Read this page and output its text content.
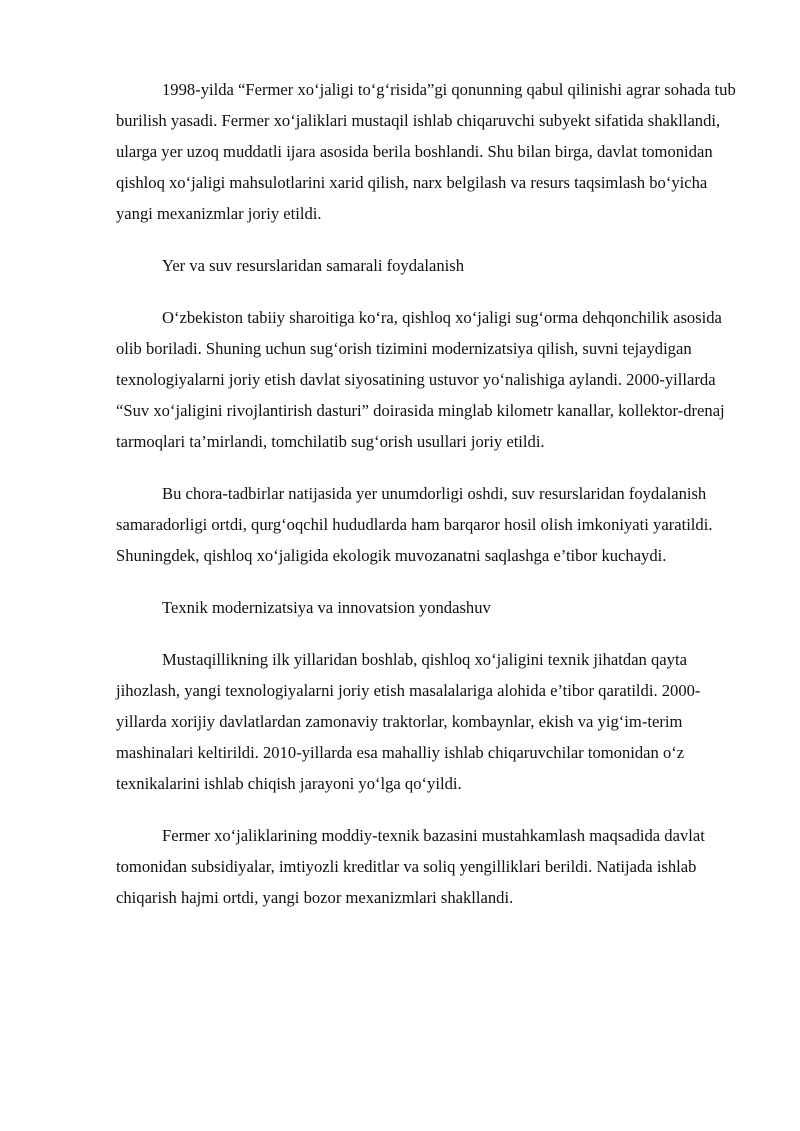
1998-yilda “Fermer xo‘jaligi to‘g‘risida”gi qonunning qabul qilinishi agrar sohada tub burilish yasadi. Fermer xo‘jaliklari mustaqil ishlab chiqaruvchi subyekt sifatida shakllandi, ularga yer uzoq muddatli ijara asosida berila boshlandi. Shu bilan birga, davlat tomonidan qishloq xo‘jaligi mahsulotlarini xarid qilish, narx belgilash va resurs taqsimlash bo‘yicha yangi mexanizmlar joriy etildi.

Yer va suv resurslaridan samarali foydalanish

O‘zbekiston tabiiy sharoitiga ko‘ra, qishloq xo‘jaligi sug‘orma dehqonchilik asosida olib boriladi. Shuning uchun sug‘orish tizimini modernizatsiya qilish, suvni tejaydigan texnologiyalarni joriy etish davlat siyosatining ustuvor yo‘nalishiga aylandi. 2000-yillarda “Suv xo‘jaligini rivojlantirish dasturi” doirasida minglab kilometr kanallar, kollektor-drenaj tarmoqlari ta’mirlandi, tomchilatib sug‘orish usullari joriy etildi.

Bu chora-tadbirlar natijasida yer unumdorligi oshdi, suv resurslaridan foydalanish samaradorligi ortdi, qurg‘oqchil hududlarda ham barqaror hosil olish imkoniyati yaratildi. Shuningdek, qishloq xo‘jaligida ekologik muvozanatni saqlashga e’tibor kuchaydi.

Texnik modernizatsiya va innovatsion yondashuv

Mustaqillikning ilk yillaridan boshlab, qishloq xo‘jaligini texnik jihatdan qayta jihozlash, yangi texnologiyalarni joriy etish masalalariga alohida e’tibor qaratildi. 2000-yillarda xorijiy davlatlardan zamonaviy traktorlar, kombaynlar, ekish va yig‘im-terim mashinalari keltirildi. 2010-yillarda esa mahalliy ishlab chiqaruvchilar tomonidan o‘z texnikalarini ishlab chiqish jarayoni yo‘lga qo‘yildi.

Fermer xo‘jaliklarining moddiy-texnik bazasini mustahkamlash maqsadida davlat tomonidan subsidiyalar, imtiyozli kreditlar va soliq yengilliklari berildi. Natijada ishlab chiqarish hajmi ortdi, yangi bozor mexanizmlari shakllandi.
